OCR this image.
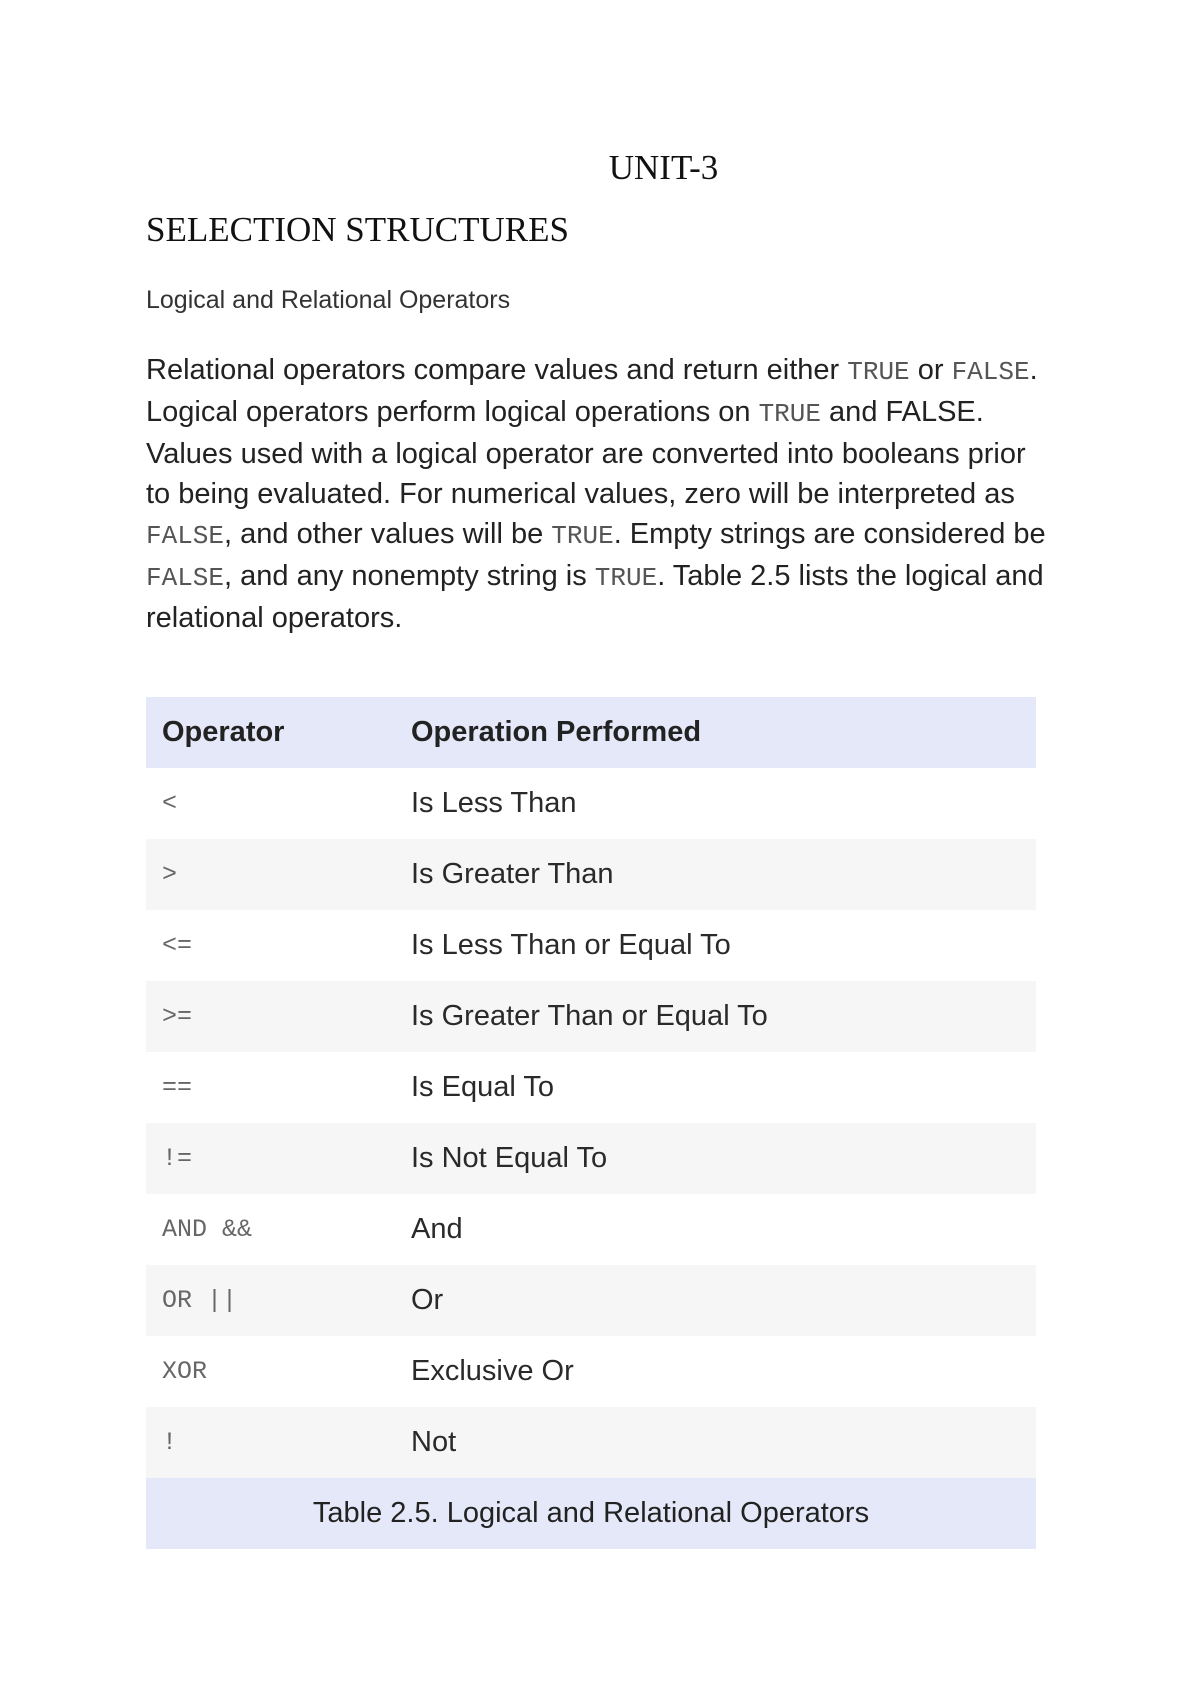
UNIT-3
SELECTION STRUCTURES
Logical and Relational Operators

Relational operators compare values and return either TRUE or FALSE. Logical operators perform logical operations on TRUE and FALSE. Values used with a logical operator are converted into booleans prior to being evaluated. For numerical values, zero will be interpreted as FALSE, and other values will be TRUE. Empty strings are considered be FALSE, and any nonempty string is TRUE. Table 2.5 lists the logical and relational operators.

Operator	Operation Performed
<	Is Less Than
>	Is Greater Than
<=	Is Less Than or Equal To
>=	Is Greater Than or Equal To
==	Is Equal To
!=	Is Not Equal To
AND &&	And
OR ||	Or
XOR	Exclusive Or
!	Not
Table 2.5. Logical and Relational Operators	
